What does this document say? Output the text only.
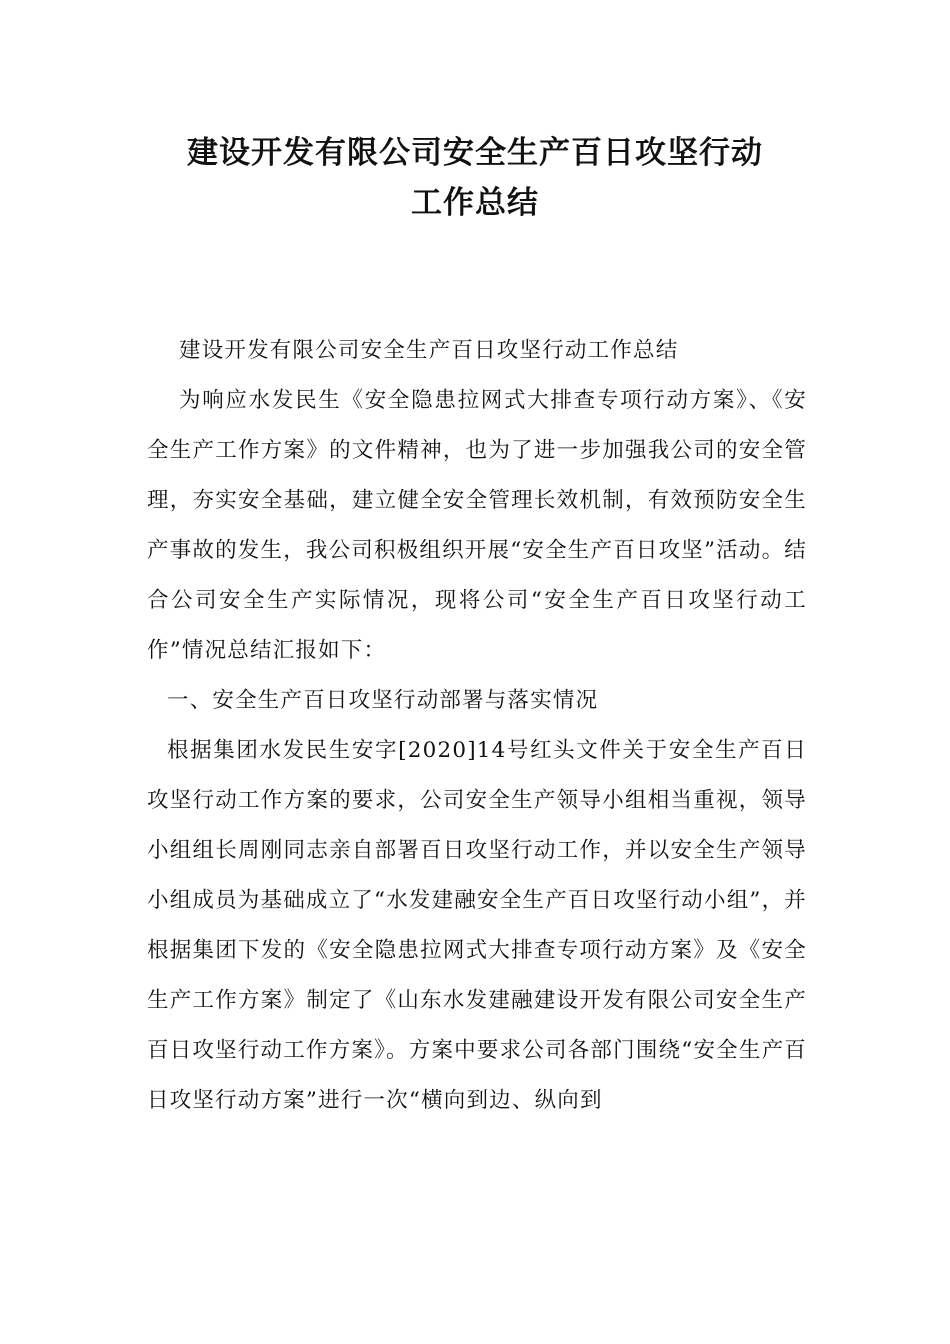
建设开发有限公司安全生产百日攻坚行动
工作总结

建设开发有限公司安全生产百日攻坚行动工作总结

为响应水发民生《安全隐患拉网式大排查专项行动方案》、《安全生产工作方案》的文件精神，也为了进一步加强我公司的安全管理，夯实安全基础，建立健全安全管理长效机制，有效预防安全生产事故的发生，我公司积极组织开展“安全生产百日攻坚”活动。结合公司安全生产实际情况，现将公司“安全生产百日攻坚行动工作”情况总结汇报如下：

一、安全生产百日攻坚行动部署与落实情况

根据集团水发民生安字[2020]14号红头文件关于安全生产百日攻坚行动工作方案的要求，公司安全生产领导小组相当重视，领导小组组长周刚同志亲自部署百日攻坚行动工作，并以安全生产领导小组成员为基础成立了“水发建融安全生产百日攻坚行动小组”，并根据集团下发的《安全隐患拉网式大排查专项行动方案》及《安全生产工作方案》制定了《山东水发建融建设开发有限公司安全生产百日攻坚行动工作方案》。方案中要求公司各部门围绕“安全生产百日攻坚行动方案”进行一次“横向到边、纵向到
